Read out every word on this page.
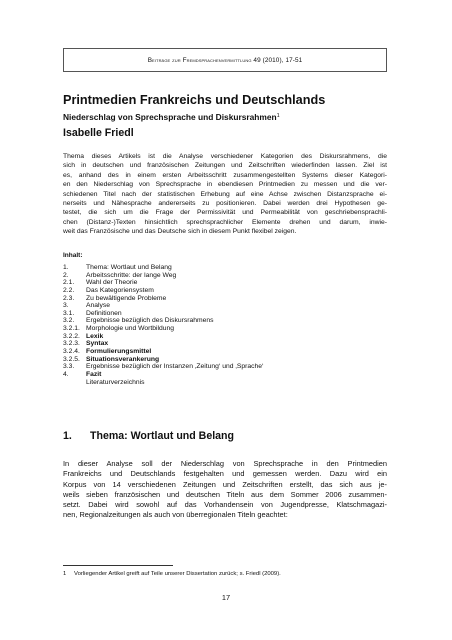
Beiträge zur Fremdsprachenvermittlung 49 (2010), 17-51
Printmedien Frankreichs und Deutschlands
Niederschlag von Sprechsprache und Diskursrahmen$^1$
Isabelle Friedl

Thema dieses Artikels ist die Analyse verschiedener Kategorien des Diskursrahmens, die
sich in deutschen und französischen Zeitungen und Zeitschriften wiederfinden lassen. Ziel ist
es, anhand des in einem ersten Arbeitsschritt zusammengestellten Systems dieser Kategori-
en den Niederschlag von Sprechsprache in ebendiesen Printmedien zu messen und die ver-
schiedenen Titel nach der statistischen Erhebung auf eine Achse zwischen Distanzsprache ei-
nerseits und Nähesprache andererseits zu positionieren. Dabei werden drei Hypothesen ge-
testet, die sich um die Frage der Permissivität und Permeabilität von geschriebensprachli-
chen (Distanz-)Texten hinsichtlich sprechsprachlicher Elemente drehen und darum, inwie-
weit das Französische und das Deutsche sich in diesem Punkt flexibel zeigen.

Inhalt:

1.	Thema: Wortlaut und Belang
2.	Arbeitsschritte: der lange Weg
2.1. Wahl der Theorie
2.2. Das Kategoriensystem
2.3. Zu bewältigende Probleme
3.	Analyse
3.1. Definitionen
3.2. Ergebnisse bezüglich des Diskursrahmens
3.2.1. Morphologie und Wortbildung
3.2.2. Lexik
3.2.3. Syntax
3.2.4. Formulierungsmittel
3.2.5. Situationsverankerung
3.3. Ergebnisse bezüglich der Instanzen ‚Zeitung‘ und ‚Sprache‘
4.	Fazit
Literaturverzeichnis
1. Thema: Wortlaut und Belang

In dieser Analyse soll der Niederschlag von Sprechsprache in den Printmedien
Frankreichs und Deutschlands festgehalten und gemessen werden. Dazu wird ein
Korpus von 14 verschiedenen Zeitungen und Zeitschriften erstellt, das sich aus je-
weils sieben französischen und deutschen Titeln aus dem Sommer 2006 zusammen-
setzt. Dabei wird sowohl auf das Vorhandensein von Jugendpresse, Klatschmagazi-
nen, Regionalzeitungen als auch von überregionalen Titeln geachtet:

1 Vorliegender Artikel greift auf Teile unserer Dissertation zurück; s. Friedl (2009).

17
